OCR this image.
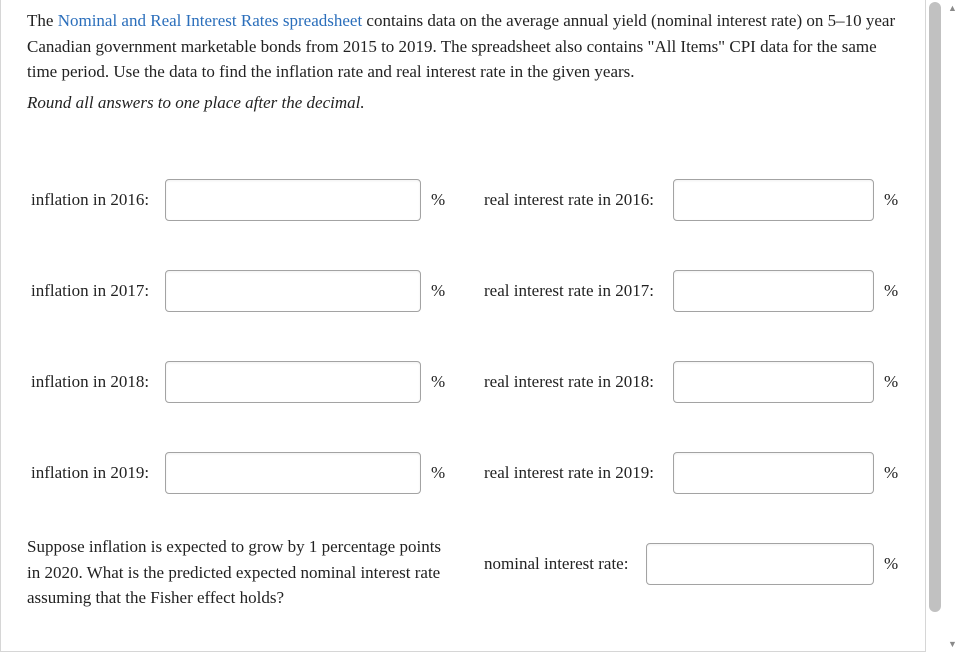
The Nominal and Real Interest Rates spreadsheet contains data on the average annual yield (nominal interest rate) on 5–10 year Canadian government marketable bonds from 2015 to 2019. The spreadsheet also contains "All Items" CPI data for the same time period. Use the data to find the inflation rate and real interest rate in the given years.

Round all answers to one place after the decimal.

inflation in 2016:	% real interest rate in 2016:	%
inflation in 2017:	% real interest rate in 2017:	%
inflation in 2018:	% real interest rate in 2018:	%
inflation in 2019:	% real interest rate in 2019:	%

Suppose inflation is expected to grow by 1 percentage points in 2020. What is the predicted expected nominal interest rate assuming that the Fisher effect holds?

nominal interest rate:	%
▲
▼
